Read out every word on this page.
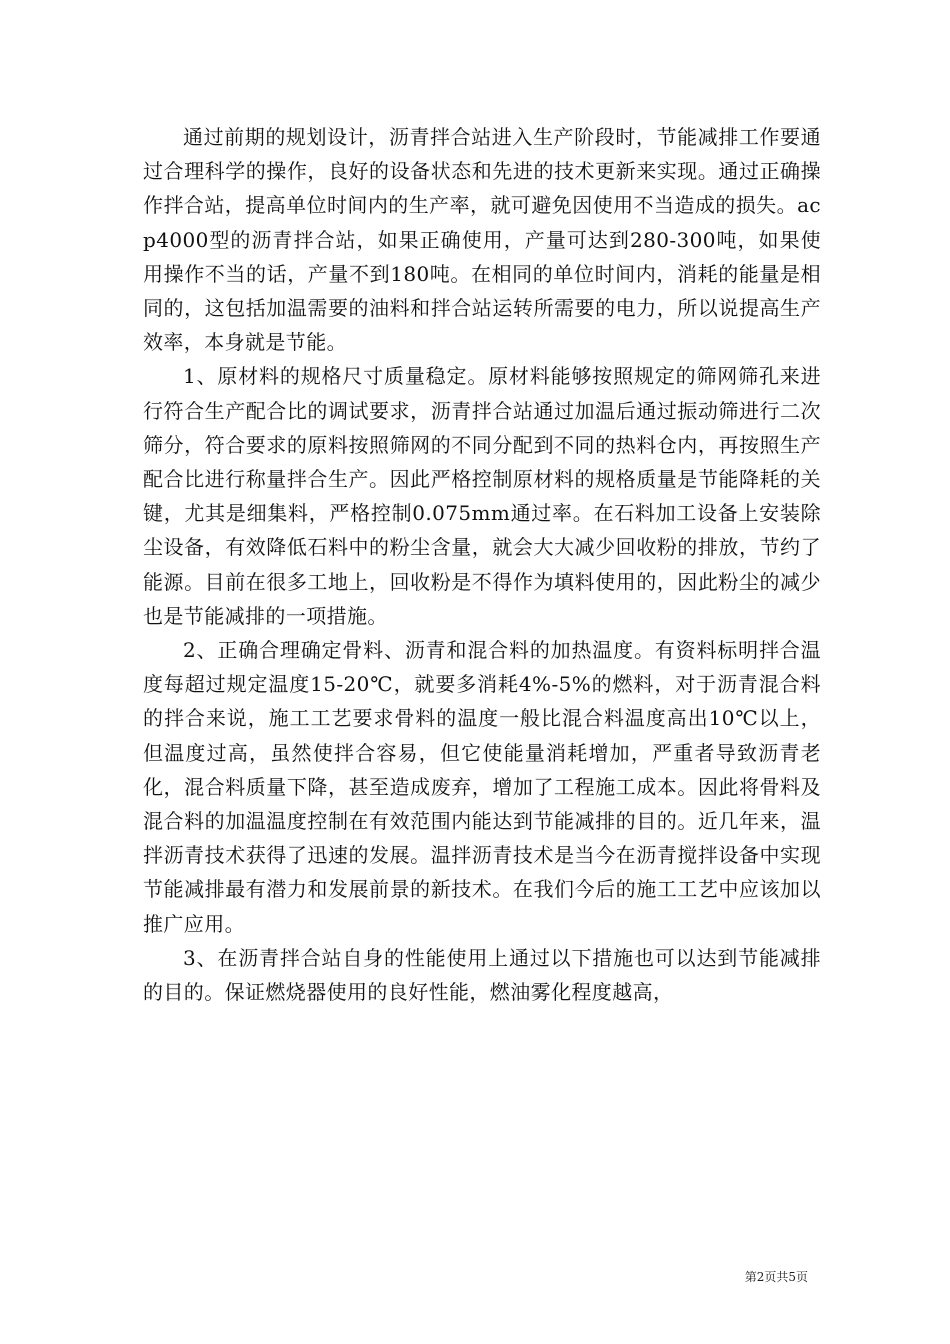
通过前期的规划设计，沥青拌合站进入生产阶段时，节能减排工作要通过合理科学的操作，良好的设备状态和先进的技术更新来实现。通过正确操作拌合站，提高单位时间内的生产率，就可避免因使用不当造成的损失。acp4000型的沥青拌合站，如果正确使用，产量可达到280-300吨，如果使用操作不当的话，产量不到180吨。在相同的单位时间内，消耗的能量是相同的，这包括加温需要的油料和拌合站运转所需要的电力，所以说提高生产效率，本身就是节能。

1、原材料的规格尺寸质量稳定。原材料能够按照规定的筛网筛孔来进行符合生产配合比的调试要求，沥青拌合站通过加温后通过振动筛进行二次筛分，符合要求的原料按照筛网的不同分配到不同的热料仓内，再按照生产配合比进行称量拌合生产。因此严格控制原材料的规格质量是节能降耗的关键，尤其是细集料，严格控制0.075mm通过率。在石料加工设备上安装除尘设备，有效降低石料中的粉尘含量，就会大大减少回收粉的排放，节约了能源。目前在很多工地上，回收粉是不得作为填料使用的，因此粉尘的减少也是节能减排的一项措施。

2、正确合理确定骨料、沥青和混合料的加热温度。有资料标明拌合温度每超过规定温度15-20℃，就要多消耗4%-5%的燃料，对于沥青混合料的拌合来说，施工工艺要求骨料的温度一般比混合料温度高出10℃以上，但温度过高，虽然使拌合容易，但它使能量消耗增加，严重者导致沥青老化，混合料质量下降，甚至造成废弃，增加了工程施工成本。因此将骨料及混合料的加温温度控制在有效范围内能达到节能减排的目的。近几年来，温拌沥青技术获得了迅速的发展。温拌沥青技术是当今在沥青搅拌设备中实现节能减排最有潜力和发展前景的新技术。在我们今后的施工工艺中应该加以推广应用。

3、在沥青拌合站自身的性能使用上通过以下措施也可以达到节能减排的目的。保证燃烧器使用的良好性能，燃油雾化程度越高，

第2页共5页
